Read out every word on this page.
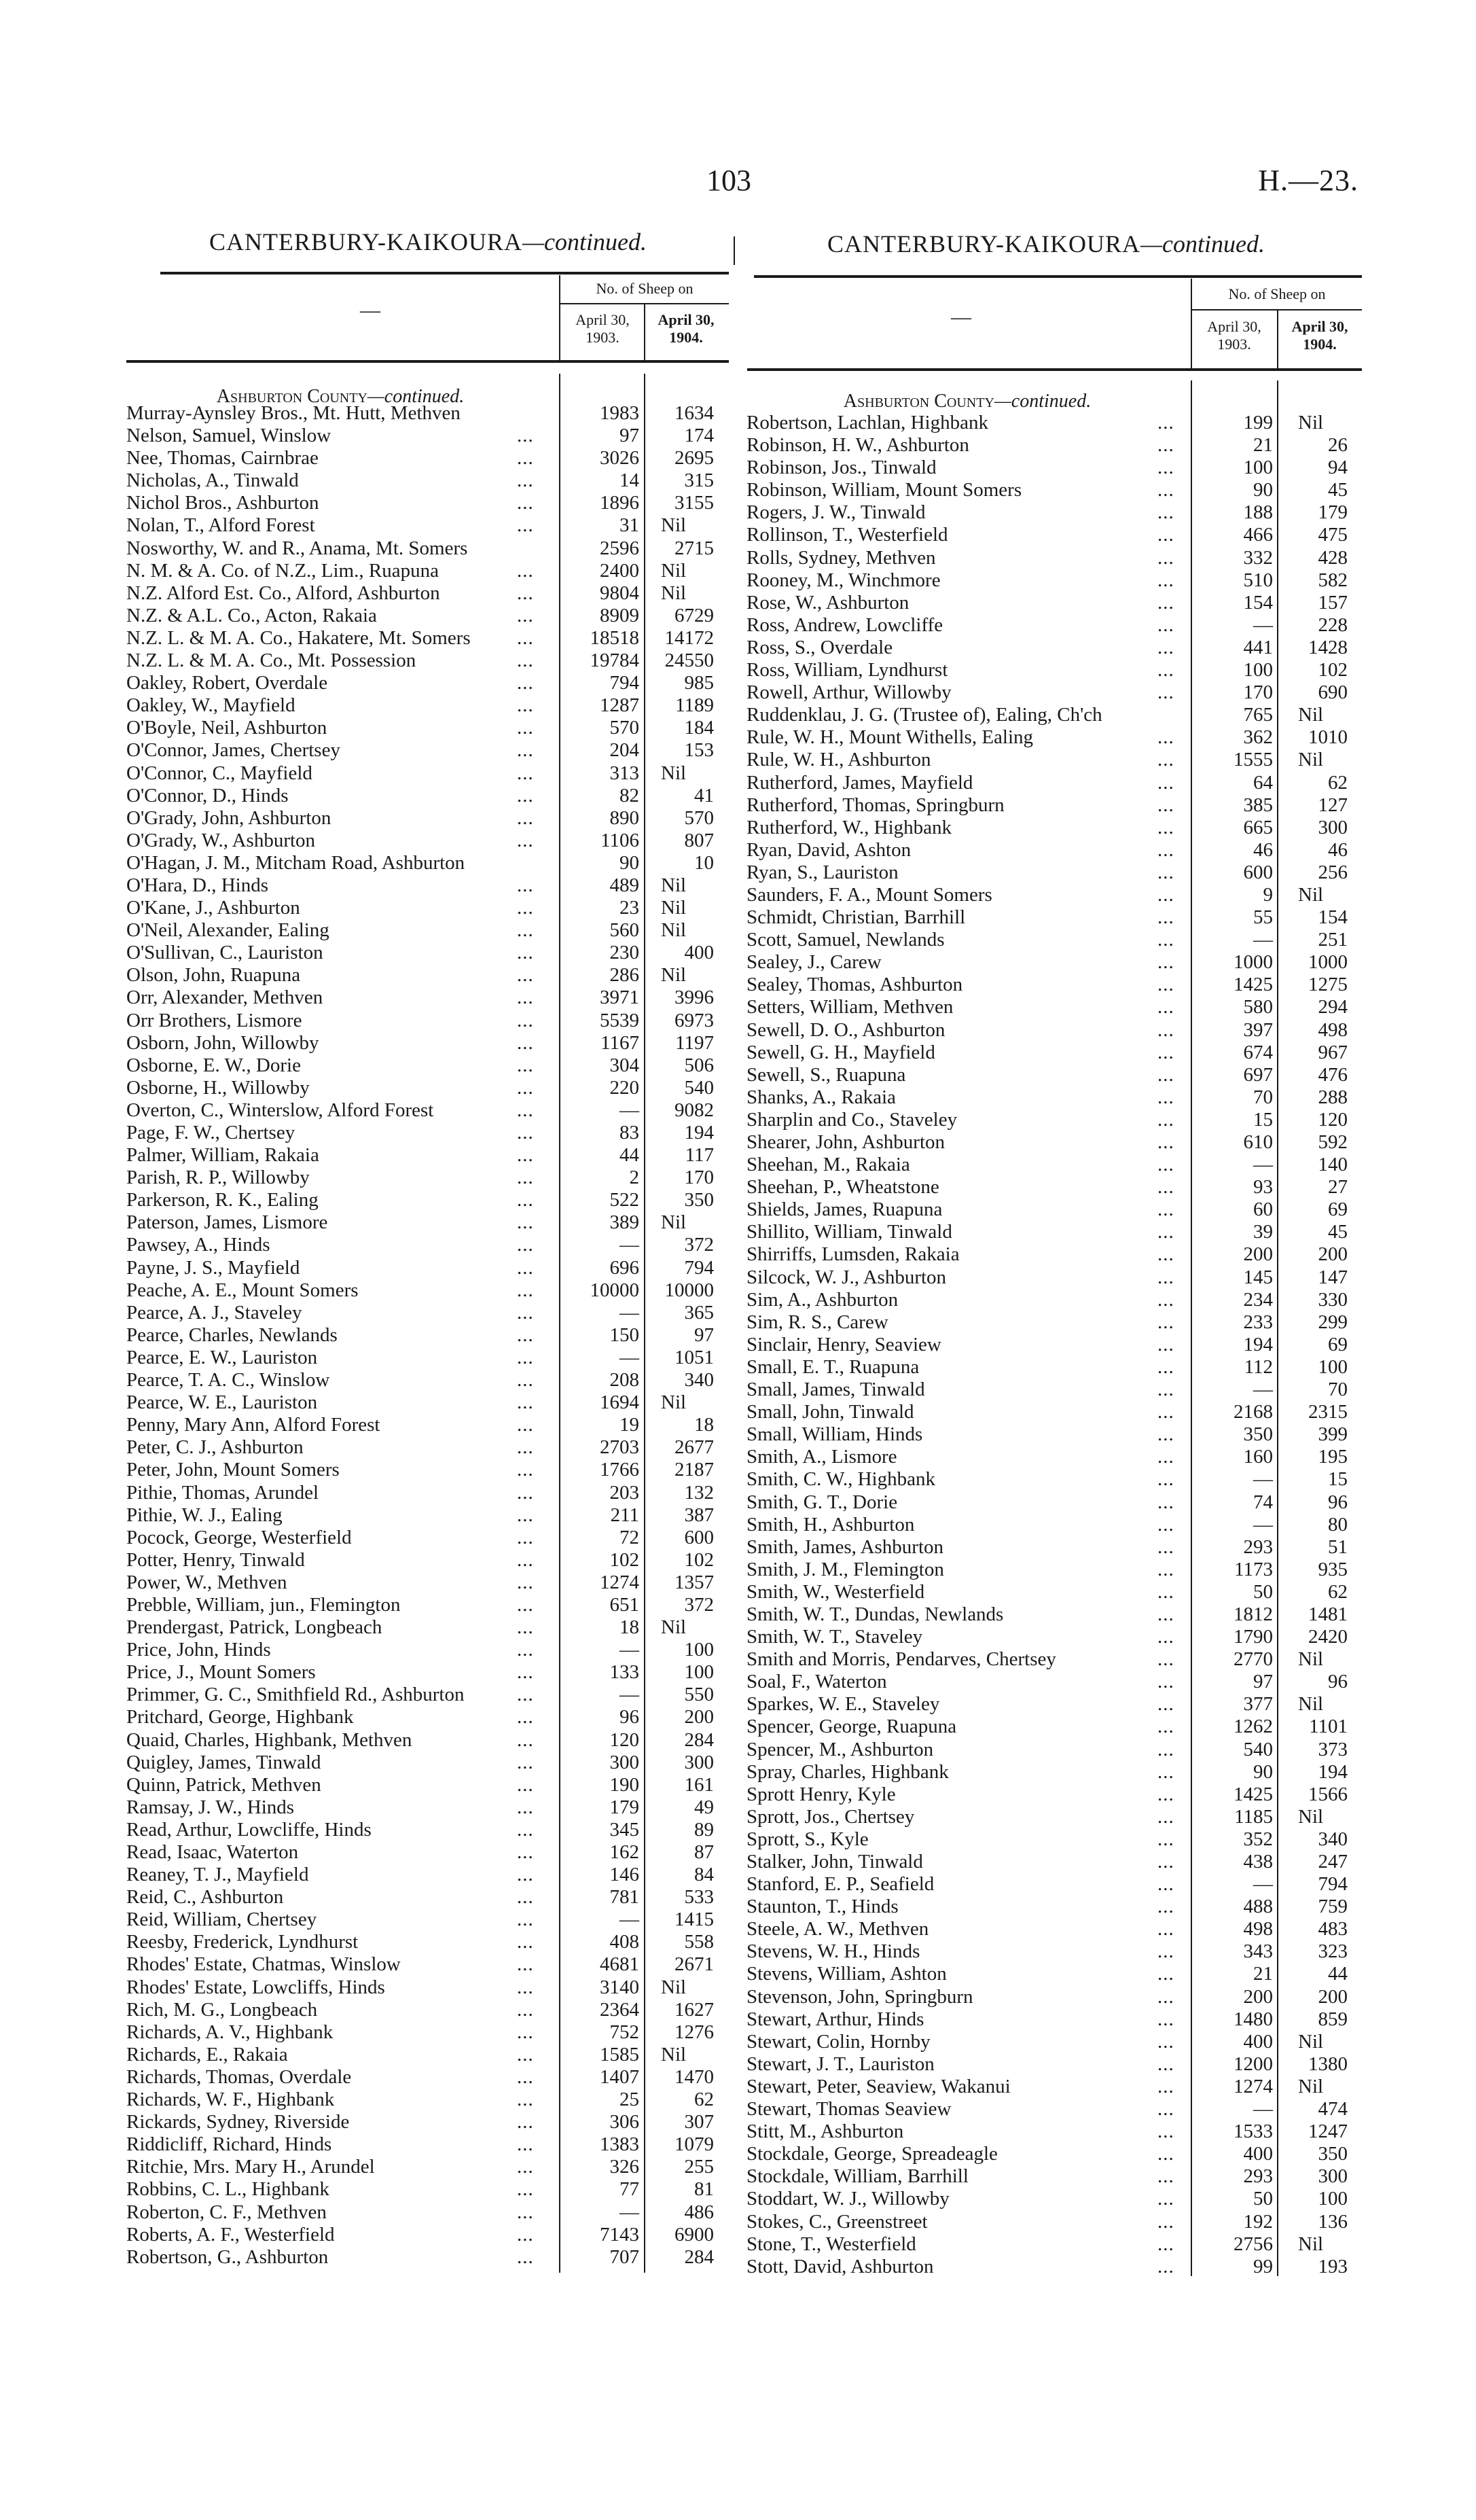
103	H.—23.
CANTERBURY-KAIKOURA—continued.
No. of Sheep on
April 30, 1903.
April 30, 1904.
—
Ashburton County—continued.
Murray-Aynsley Bros., Mt. Hutt, Methven	1983	1634
Nelson, Samuel, Winslow	...	97	174
Nee, Thomas, Cairnbrae	...	3026	2695
Nicholas, A., Tinwald	...	14	315
Nichol Bros., Ashburton	...	1896	3155
Nolan, T., Alford Forest	...	31 Nil
Nosworthy, W. and R., Anama, Mt. Somers	2596	2715
N. M. & A. Co. of N.Z., Lim., Ruapuna	...	2400 Nil
N.Z. Alford Est. Co., Alford, Ashburton	...	9804 Nil
N.Z. & A.L. Co., Acton, Rakaia	...	8909	6729
N.Z. L. & M. A. Co., Hakatere, Mt. Somers	...	18518	14172
N.Z. L. & M. A. Co., Mt. Possession	...	19784	24550
Oakley, Robert, Overdale	...	794	985
Oakley, W., Mayfield	...	1287	1189
O'Boyle, Neil, Ashburton	...	570	184
O'Connor, James, Chertsey	...	204	153
O'Connor, C., Mayfield	...	313 Nil
O'Connor, D., Hinds	...	82	41
O'Grady, John, Ashburton	...	890	570
O'Grady, W., Ashburton	...	1106	807
O'Hagan, J. M., Mitcham Road, Ashburton	90	10
O'Hara, D., Hinds	...	489 Nil
O'Kane, J., Ashburton	...	23 Nil
O'Neil, Alexander, Ealing	...	560 Nil
O'Sullivan, C., Lauriston	...	230	400
Olson, John, Ruapuna	...	286 Nil
Orr, Alexander, Methven	...	3971	3996
Orr Brothers, Lismore	...	5539	6973
Osborn, John, Willowby	...	1167	1197
Osborne, E. W., Dorie	...	304	506
Osborne, H., Willowby	...	220	540
Overton, C., Winterslow, Alford Forest	...	—	9082
Page, F. W., Chertsey	...	83	194
Palmer, William, Rakaia	...	44	117
Parish, R. P., Willowby	...	2	170
Parkerson, R. K., Ealing	...	522	350
Paterson, James, Lismore	...	389 Nil
Pawsey, A., Hinds	...	—	372
Payne, J. S., Mayfield	...	696	794
Peache, A. E., Mount Somers	...	10000	10000
Pearce, A. J., Staveley	...	—	365
Pearce, Charles, Newlands	...	150	97
Pearce, E. W., Lauriston	...	—	1051
Pearce, T. A. C., Winslow	...	208	340
Pearce, W. E., Lauriston	...	1694 Nil
Penny, Mary Ann, Alford Forest	...	19	18
Peter, C. J., Ashburton	...	2703	2677
Peter, John, Mount Somers	...	1766	2187
Pithie, Thomas, Arundel	...	203	132
Pithie, W. J., Ealing	...	211	387
Pocock, George, Westerfield	...	72	600
Potter, Henry, Tinwald	...	102	102
Power, W., Methven	...	1274	1357
Prebble, William, jun., Flemington	...	651	372
Prendergast, Patrick, Longbeach	...	18 Nil
Price, John, Hinds	...	—	100
Price, J., Mount Somers	...	133	100
Primmer, G. C., Smithfield Rd., Ashburton	...	—	550
Pritchard, George, Highbank	...	96	200
Quaid, Charles, Highbank, Methven	...	120	284
Quigley, James, Tinwald	...	300	300
Quinn, Patrick, Methven	...	190	161
Ramsay, J. W., Hinds	...	179	49
Read, Arthur, Lowcliffe, Hinds	...	345	89
Read, Isaac, Waterton	...	162	87
Reaney, T. J., Mayfield	...	146	84
Reid, C., Ashburton	...	781	533
Reid, William, Chertsey	...	—	1415
Reesby, Frederick, Lyndhurst	...	408	558
Rhodes' Estate, Chatmas, Winslow	...	4681	2671
Rhodes' Estate, Lowcliffs, Hinds	...	3140 Nil
Rich, M. G., Longbeach	...	2364	1627
Richards, A. V., Highbank	...	752	1276
Richards, E., Rakaia	...	1585 Nil
Richards, Thomas, Overdale	...	1407	1470
Richards, W. F., Highbank	...	25	62
Rickards, Sydney, Riverside	...	306	307
Riddicliff, Richard, Hinds	...	1383	1079
Ritchie, Mrs. Mary H., Arundel	...	326	255
Robbins, C. L., Highbank	...	77	81
Roberton, C. F., Methven	...	—	486
Roberts, A. F., Westerfield	...	7143	6900
Robertson, G., Ashburton	...	707	284
CANTERBURY-KAIKOURA—continued.
No. of Sheep on
April 30, 1903.
April 30, 1904.
—
Ashburton County—continued.
Robertson, Lachlan, Highbank	...	199 Nil
Robinson, H. W., Ashburton	...	21	26
Robinson, Jos., Tinwald	...	100	94
Robinson, William, Mount Somers	...	90	45
Rogers, J. W., Tinwald	...	188	179
Rollinson, T., Westerfield	...	466	475
Rolls, Sydney, Methven	...	332	428
Rooney, M., Winchmore	...	510	582
Rose, W., Ashburton	...	154	157
Ross, Andrew, Lowcliffe	...	—	228
Ross, S., Overdale	...	441	1428
Ross, William, Lyndhurst	...	100	102
Rowell, Arthur, Willowby	...	170	690
Ruddenklau, J. G. (Trustee of), Ealing, Ch'ch	765 Nil
Rule, W. H., Mount Withells, Ealing	...	362	1010
Rule, W. H., Ashburton	...	1555 Nil
Rutherford, James, Mayfield	...	64	62
Rutherford, Thomas, Springburn	...	385	127
Rutherford, W., Highbank	...	665	300
Ryan, David, Ashton	...	46	46
Ryan, S., Lauriston	...	600	256
Saunders, F. A., Mount Somers	...	9 Nil
Schmidt, Christian, Barrhill	...	55	154
Scott, Samuel, Newlands	...	—	251
Sealey, J., Carew	...	1000	1000
Sealey, Thomas, Ashburton	...	1425	1275
Setters, William, Methven	...	580	294
Sewell, D. O., Ashburton	...	397	498
Sewell, G. H., Mayfield	...	674	967
Sewell, S., Ruapuna	...	697	476
Shanks, A., Rakaia	...	70	288
Sharplin and Co., Staveley	...	15	120
Shearer, John, Ashburton	...	610	592
Sheehan, M., Rakaia	...	—	140
Sheehan, P., Wheatstone	...	93	27
Shields, James, Ruapuna	...	60	69
Shillito, William, Tinwald	...	39	45
Shirriffs, Lumsden, Rakaia	...	200	200
Silcock, W. J., Ashburton	...	145	147
Sim, A., Ashburton	...	234	330
Sim, R. S., Carew	...	233	299
Sinclair, Henry, Seaview	...	194	69
Small, E. T., Ruapuna	...	112	100
Small, James, Tinwald	...	—	70
Small, John, Tinwald	...	2168	2315
Small, William, Hinds	...	350	399
Smith, A., Lismore	...	160	195
Smith, C. W., Highbank	...	—	15
Smith, G. T., Dorie	...	74	96
Smith, H., Ashburton	...	—	80
Smith, James, Ashburton	...	293	51
Smith, J. M., Flemington	...	1173	935
Smith, W., Westerfield	...	50	62
Smith, W. T., Dundas, Newlands	...	1812	1481
Smith, W. T., Staveley	...	1790	2420
Smith and Morris, Pendarves, Chertsey	...	2770 Nil
Soal, F., Waterton	...	97	96
Sparkes, W. E., Staveley	...	377 Nil
Spencer, George, Ruapuna	...	1262	1101
Spencer, M., Ashburton	...	540	373
Spray, Charles, Highbank	...	90	194
Sprott Henry, Kyle	...	1425	1566
Sprott, Jos., Chertsey	...	1185 Nil
Sprott, S., Kyle	...	352	340
Stalker, John, Tinwald	...	438	247
Stanford, E. P., Seafield	...	—	794
Staunton, T., Hinds	...	488	759
Steele, A. W., Methven	...	498	483
Stevens, W. H., Hinds	...	343	323
Stevens, William, Ashton	...	21	44
Stevenson, John, Springburn	...	200	200
Stewart, Arthur, Hinds	...	1480	859
Stewart, Colin, Hornby	...	400 Nil
Stewart, J. T., Lauriston	...	1200	1380
Stewart, Peter, Seaview, Wakanui	...	1274 Nil
Stewart, Thomas Seaview	...	—	474
Stitt, M., Ashburton	...	1533	1247
Stockdale, George, Spreadeagle	...	400	350
Stockdale, William, Barrhill	...	293	300
Stoddart, W. J., Willowby	...	50	100
Stokes, C., Greenstreet	...	192	136
Stone, T., Westerfield	...	2756 Nil
Stott, David, Ashburton	...	99	193
